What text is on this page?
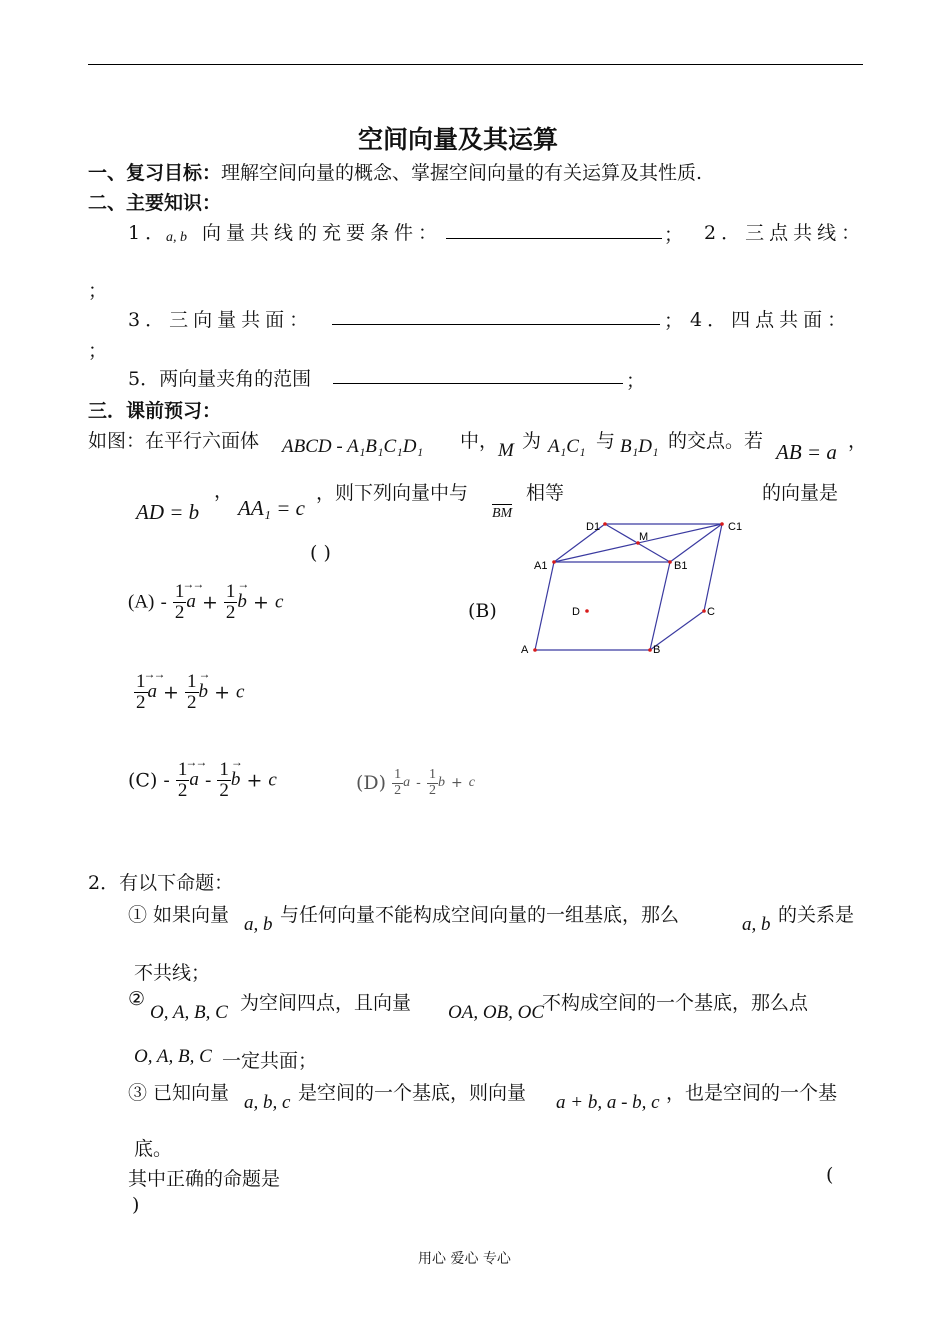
空间向量及其运算
一、复习目标：理解空间向量的概念、掌握空间向量的有关运算及其性质.
二、主要知识：
1．
a, b 向量共线的充要条件：	； 2．三点共线：
；
3．三向量共面：	； 4．四点共面：
；
5．两向量夹角的范围	；
三．课前预习：
如图：在平行六面体 ABCD - A₁B₁C₁D₁ 中， M 为 A₁C₁ 与 B₁D₁ 的交点。若 AB = a ，
AD = b
，
AA₁ = c
，则下列向量中与
BM
相等	的向量是
( )
$(A) - \frac{1}{2}$
→→ $a + \frac{1}{2}$
→ b + c	(B)
$\frac{1}{2}$
→→ $a + \frac{1}{2}$
→ b + c
$(C) - \frac{1}{2}$
→→ a - $\frac{1}{2}$
→ b + c	$(D) \frac{1}{2}$ a - $\frac{1}{2}$ b + c
D1	C1
M
A1	B1
D	C
A	B
2．有以下命题：
① 如果向量 a, b 与任何向量不能构成空间向量的一组基底，那么	a, b 的关系是
不共线；
②
O, A, B, C 为空间四点，且向量 OA, OB, OC
不构成空间的一个基底，那么点
O, A, B, C 一定共面；
③ 已知向量 a, b, c 是空间的一个基底，则向量 a + b, a - b, c ，也是空间的一个基
底。
其中正确的命题是	(
)
用心 爱心 专心
